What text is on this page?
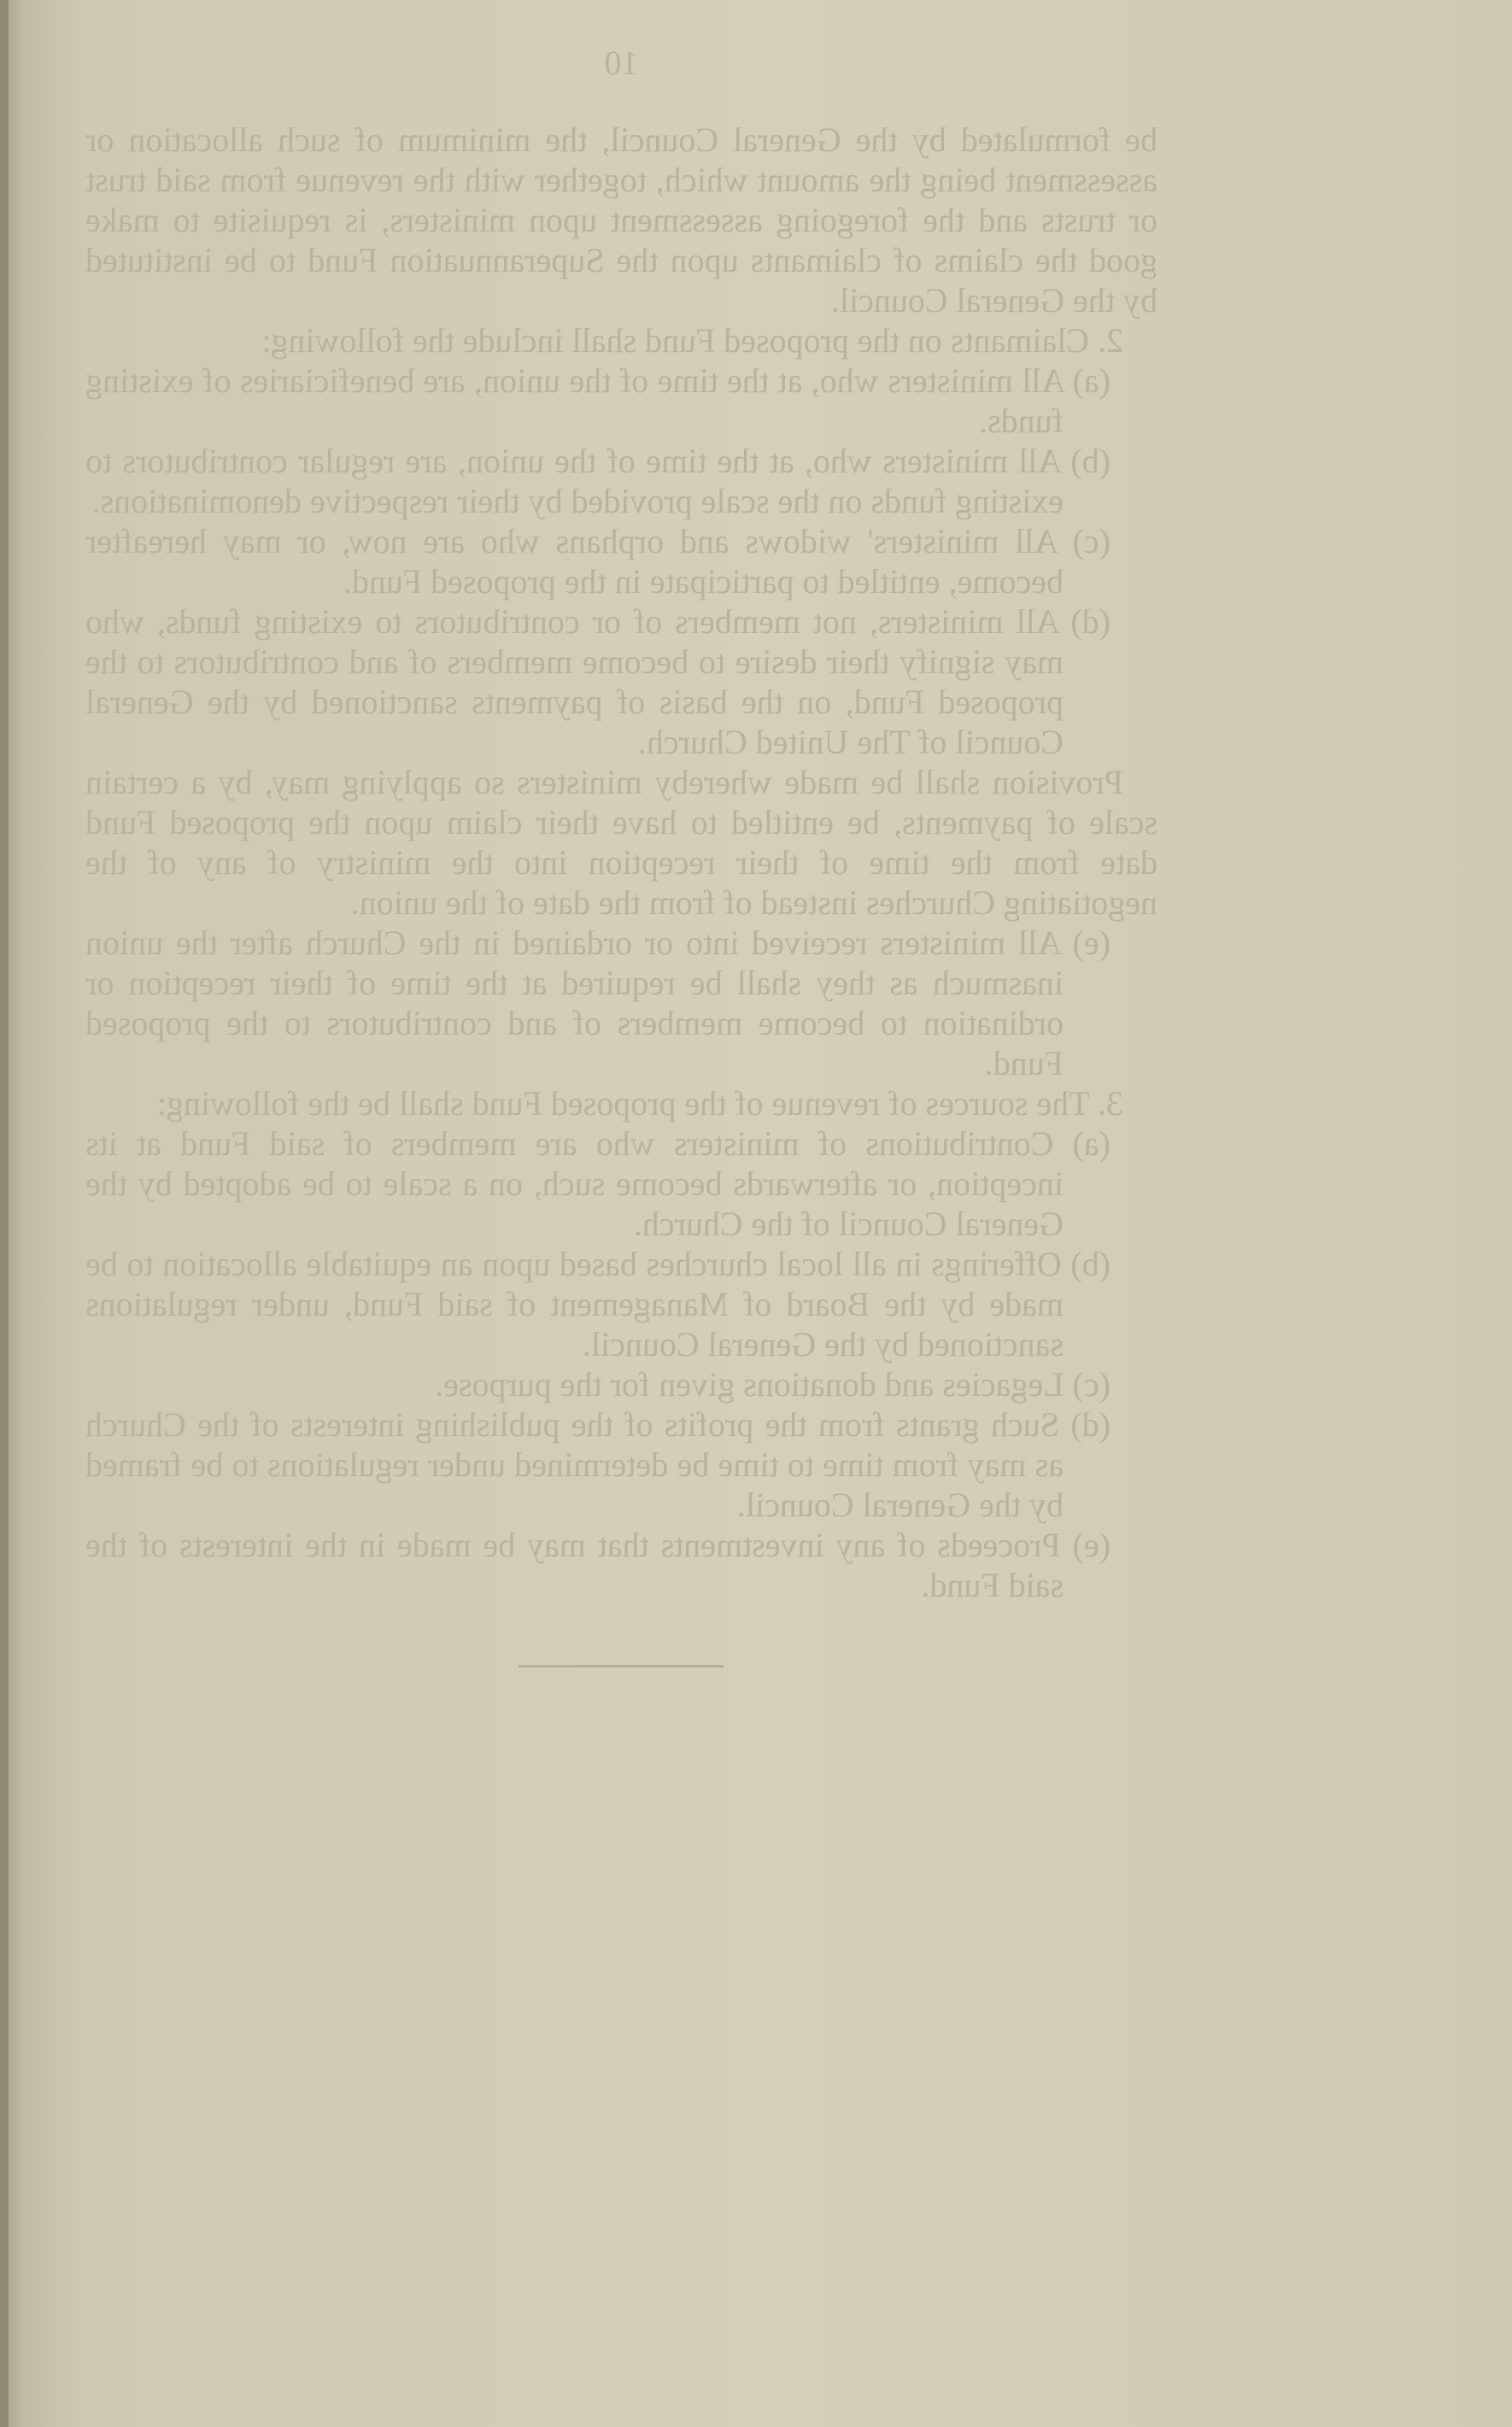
10

be formulated by the General Council, the minimum of such allocation or assessment being the amount which, together with the revenue from said trust or trusts and the foregoing assessment upon ministers, is requisite to make good the claims of claimants upon the Superannuation Fund to be instituted by the General Council.

2. Claimants on the proposed Fund shall include the following:

(a) All ministers who, at the time of the union, are beneficiaries of existing funds.

(b) All ministers who, at the time of the union, are regular contributors to existing funds on the scale provided by their respective denominations.

(c) All ministers' widows and orphans who are now, or may hereafter become, entitled to participate in the proposed Fund.

(d) All ministers, not members of or contributors to existing funds, who may signify their desire to become members of and contributors to the proposed Fund, on the basis of payments sanctioned by the General Council of The United Church.

Provision shall be made whereby ministers so applying may, by a certain scale of payments, be entitled to have their claim upon the proposed Fund date from the time of their reception into the ministry of any of the negotiating Churches instead of from the date of the union.

(e) All ministers received into or ordained in the Church after the union inasmuch as they shall be required at the time of their reception or ordination to become members of and contributors to the proposed Fund.

3. The sources of revenue of the proposed Fund shall be the following:

(a) Contributions of ministers who are members of said Fund at its inception, or afterwards become such, on a scale to be adopted by the General Council of the Church.

(b) Offerings in all local churches based upon an equitable allocation to be made by the Board of Management of said Fund, under regulations sanctioned by the General Council.

(c) Legacies and donations given for the purpose.

(d) Such grants from the profits of the publishing interests of the Church as may from time to time be determined under regulations to be framed by the General Council.

(e) Proceeds of any investments that may be made in the interests of the said Fund.
